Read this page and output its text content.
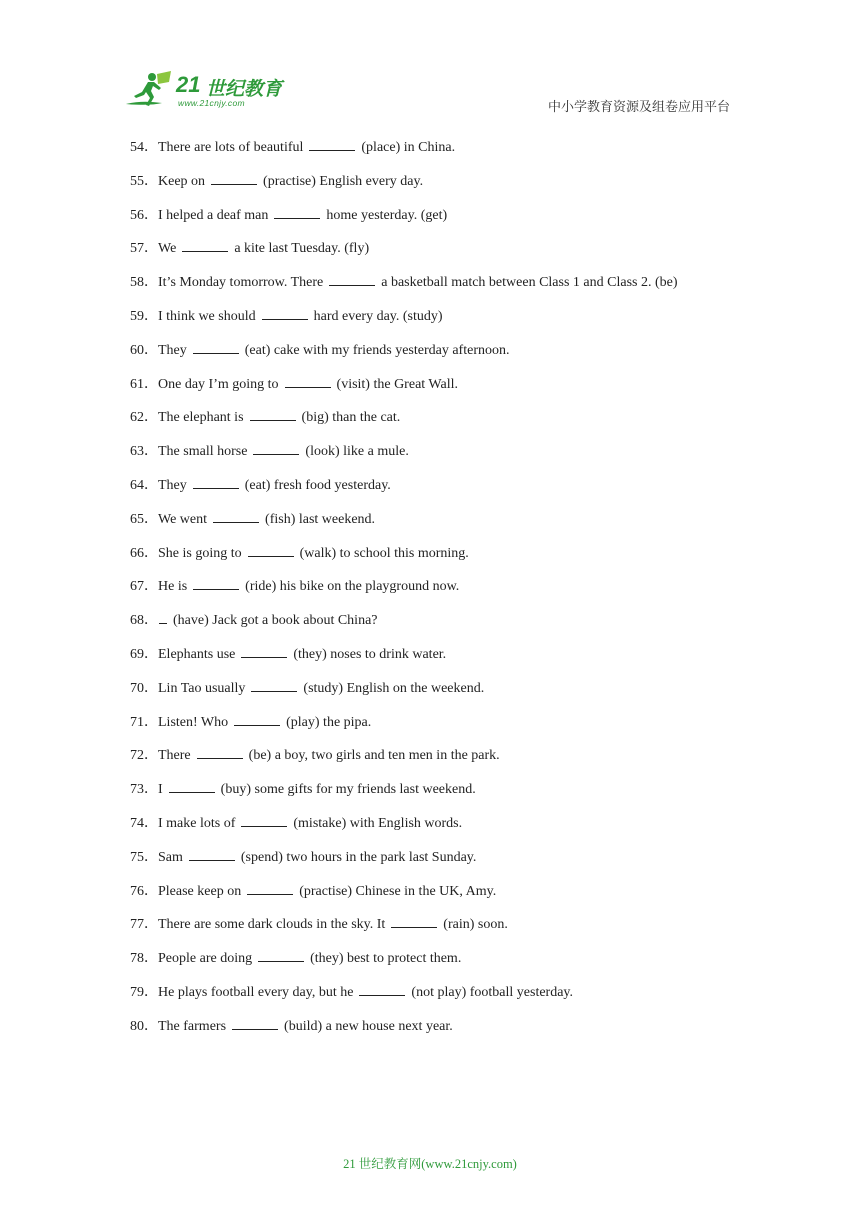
21 世纪教育
www.21cnjy.com	中小学教育资源及组卷应用平台
54．There are lots of beautiful	(place) in China.
55．Keep on	(practise) English every day.
56．I helped a deaf man	home yesterday. (get)
57．We	a kite last Tuesday. (fly)
58．It’s Monday tomorrow. There	a basketball match between Class 1 and Class 2. (be)
59．I think we should	hard every day. (study)
60．They	(eat) cake with my friends yesterday afternoon.
61．One day I’m going to	(visit) the Great Wall.
62．The elephant is	(big) than the cat.
63．The small horse	(look) like a mule.
64．They	(eat) fresh food yesterday.
65．We went	(fish) last weekend.
66．She is going to	(walk) to school this morning.
67．He is	(ride) his bike on the playground now.
68． (have) Jack got a book about China?
69．Elephants use	(they) noses to drink water.
70．Lin Tao usually	(study) English on the weekend.
71．Listen! Who	(play) the pipa.
72．There	(be) a boy, two girls and ten men in the park.
73．I	(buy) some gifts for my friends last weekend.
74．I make lots of	(mistake) with English words.
75．Sam	(spend) two hours in the park last Sunday.
76．Please keep on	(practise) Chinese in the UK, Amy.
77．There are some dark clouds in the sky. It	(rain) soon.
78．People are doing	(they) best to protect them.
79．He plays football every day, but he	(not play) football yesterday.
80．The farmers	(build) a new house next year.
21 世纪教育网(www.21cnjy.com)
